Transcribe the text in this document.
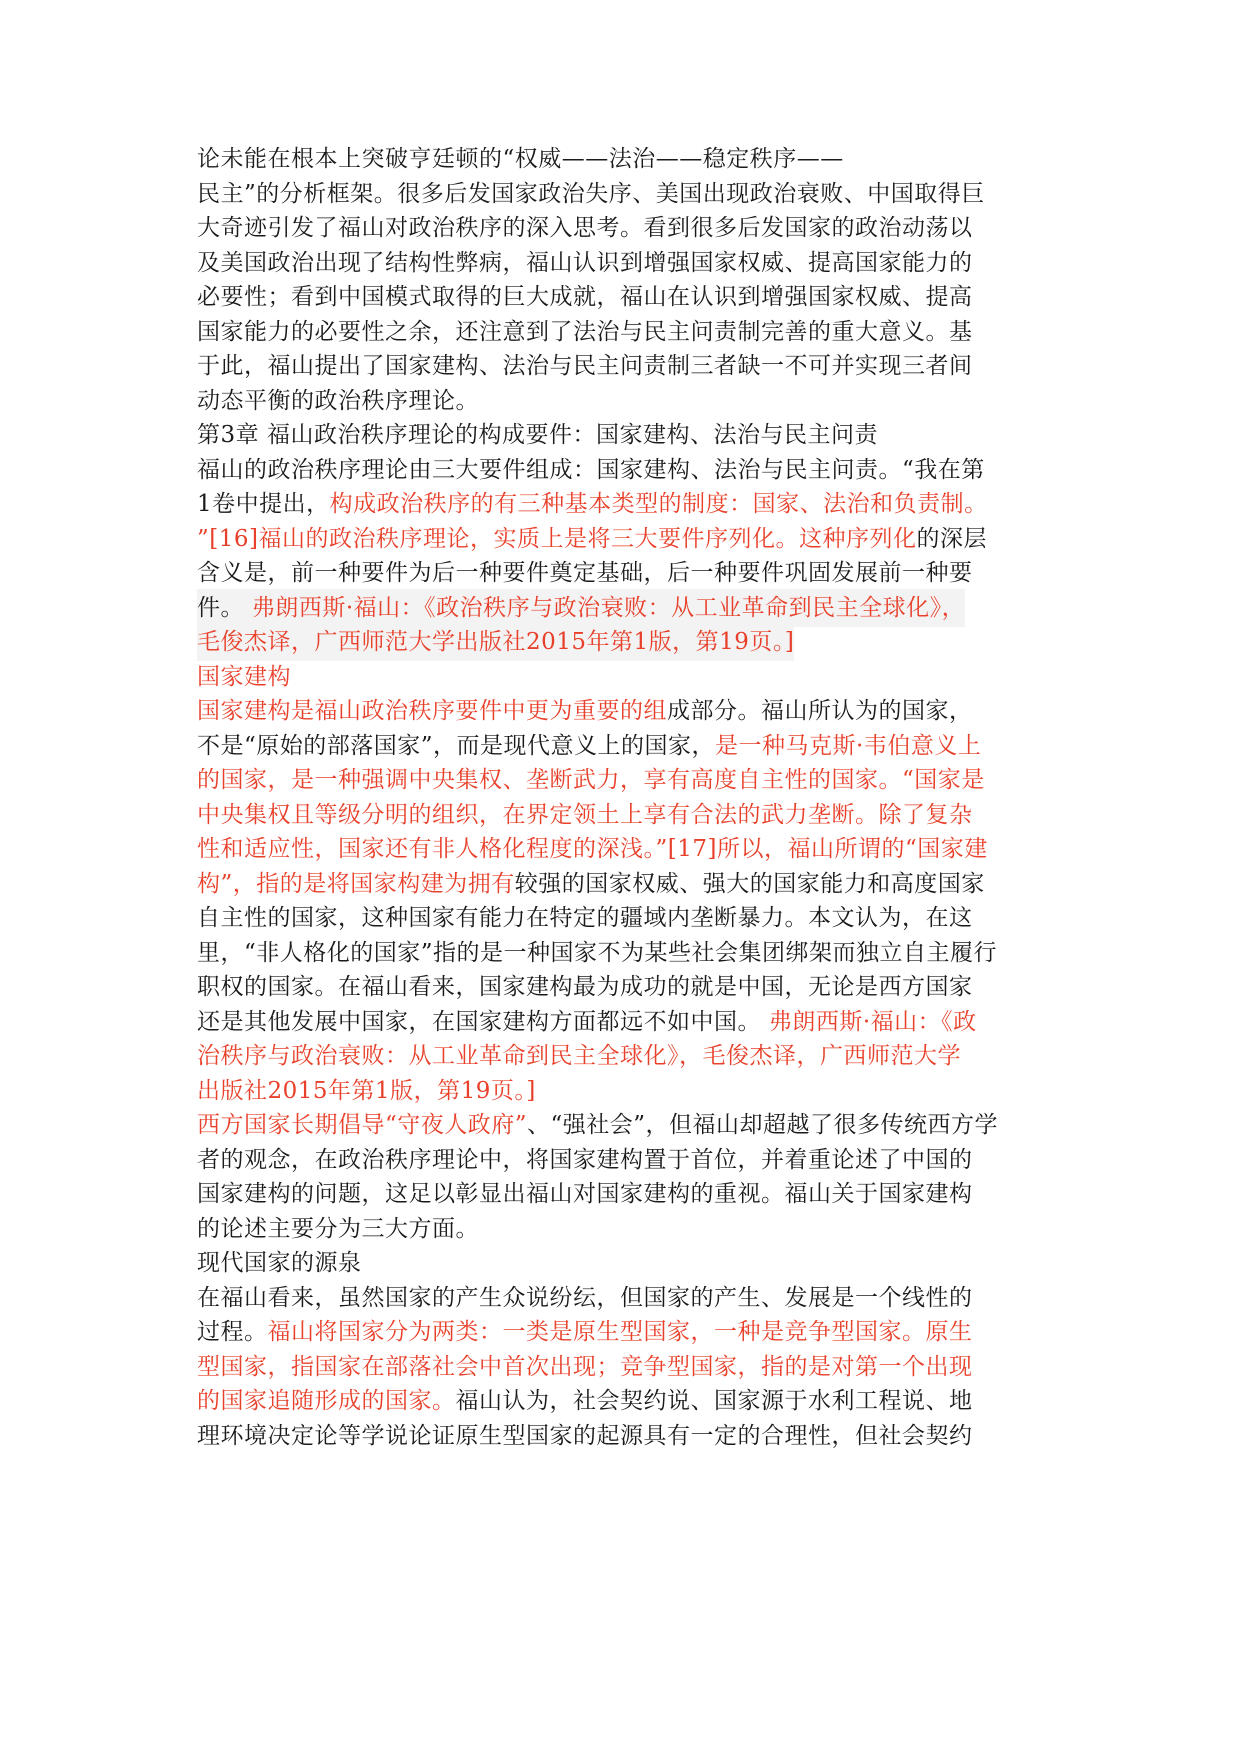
论未能在根本上突破亨廷顿的“权威——法治——稳定秩序——
民主”的分析框架。很多后发国家政治失序、美国出现政治衰败、中国取得巨
大奇迹引发了福山对政治秩序的深入思考。看到很多后发国家的政治动荡以
及美国政治出现了结构性弊病，福山认识到增强国家权威、提高国家能力的
必要性；看到中国模式取得的巨大成就，福山在认识到增强国家权威、提高
国家能力的必要性之余，还注意到了法治与民主问责制完善的重大意义。基
于此，福山提出了国家建构、法治与民主问责制三者缺一不可并实现三者间
动态平衡的政治秩序理论。
第3章 福山政治秩序理论的构成要件：国家建构、法治与民主问责
福山的政治秩序理论由三大要件组成：国家建构、法治与民主问责。“我在第
1卷中提出，构成政治秩序的有三种基本类型的制度：国家、法治和负责制。
”[16]福山的政治秩序理论，实质上是将三大要件序列化。这种序列化的深层
含义是，前一种要件为后一种要件奠定基础，后一种要件巩固发展前一种要
件。 弗朗西斯·福山：《政治秩序与政治衰败：从工业革命到民主全球化》，
毛俊杰译，广西师范大学出版社2015年第1版，第19页。]
国家建构
国家建构是福山政治秩序要件中更为重要的组成部分。福山所认为的国家，
不是“原始的部落国家”，而是现代意义上的国家，是一种马克斯·韦伯意义上
的国家，是一种强调中央集权、垄断武力，享有高度自主性的国家。“国家是
中央集权且等级分明的组织，在界定领土上享有合法的武力垄断。除了复杂
性和适应性，国家还有非人格化程度的深浅。”[17]所以，福山所谓的“国家建
构”，指的是将国家构建为拥有较强的国家权威、强大的国家能力和高度国家
自主性的国家，这种国家有能力在特定的疆域内垄断暴力。本文认为，在这
里，“非人格化的国家”指的是一种国家不为某些社会集团绑架而独立自主履行
职权的国家。在福山看来，国家建构最为成功的就是中国，无论是西方国家
还是其他发展中国家，在国家建构方面都远不如中国。 弗朗西斯·福山：《政
治秩序与政治衰败：从工业革命到民主全球化》，毛俊杰译，广西师范大学
出版社2015年第1版，第19页。]
西方国家长期倡导“守夜人政府”、“强社会”，但福山却超越了很多传统西方学
者的观念，在政治秩序理论中，将国家建构置于首位，并着重论述了中国的
国家建构的问题，这足以彰显出福山对国家建构的重视。福山关于国家建构
的论述主要分为三大方面。
现代国家的源泉
在福山看来，虽然国家的产生众说纷纭，但国家的产生、发展是一个线性的
过程。福山将国家分为两类：一类是原生型国家，一种是竞争型国家。原生
型国家，指国家在部落社会中首次出现；竞争型国家，指的是对第一个出现
的国家追随形成的国家。福山认为，社会契约说、国家源于水利工程说、地
理环境决定论等学说论证原生型国家的起源具有一定的合理性，但社会契约
